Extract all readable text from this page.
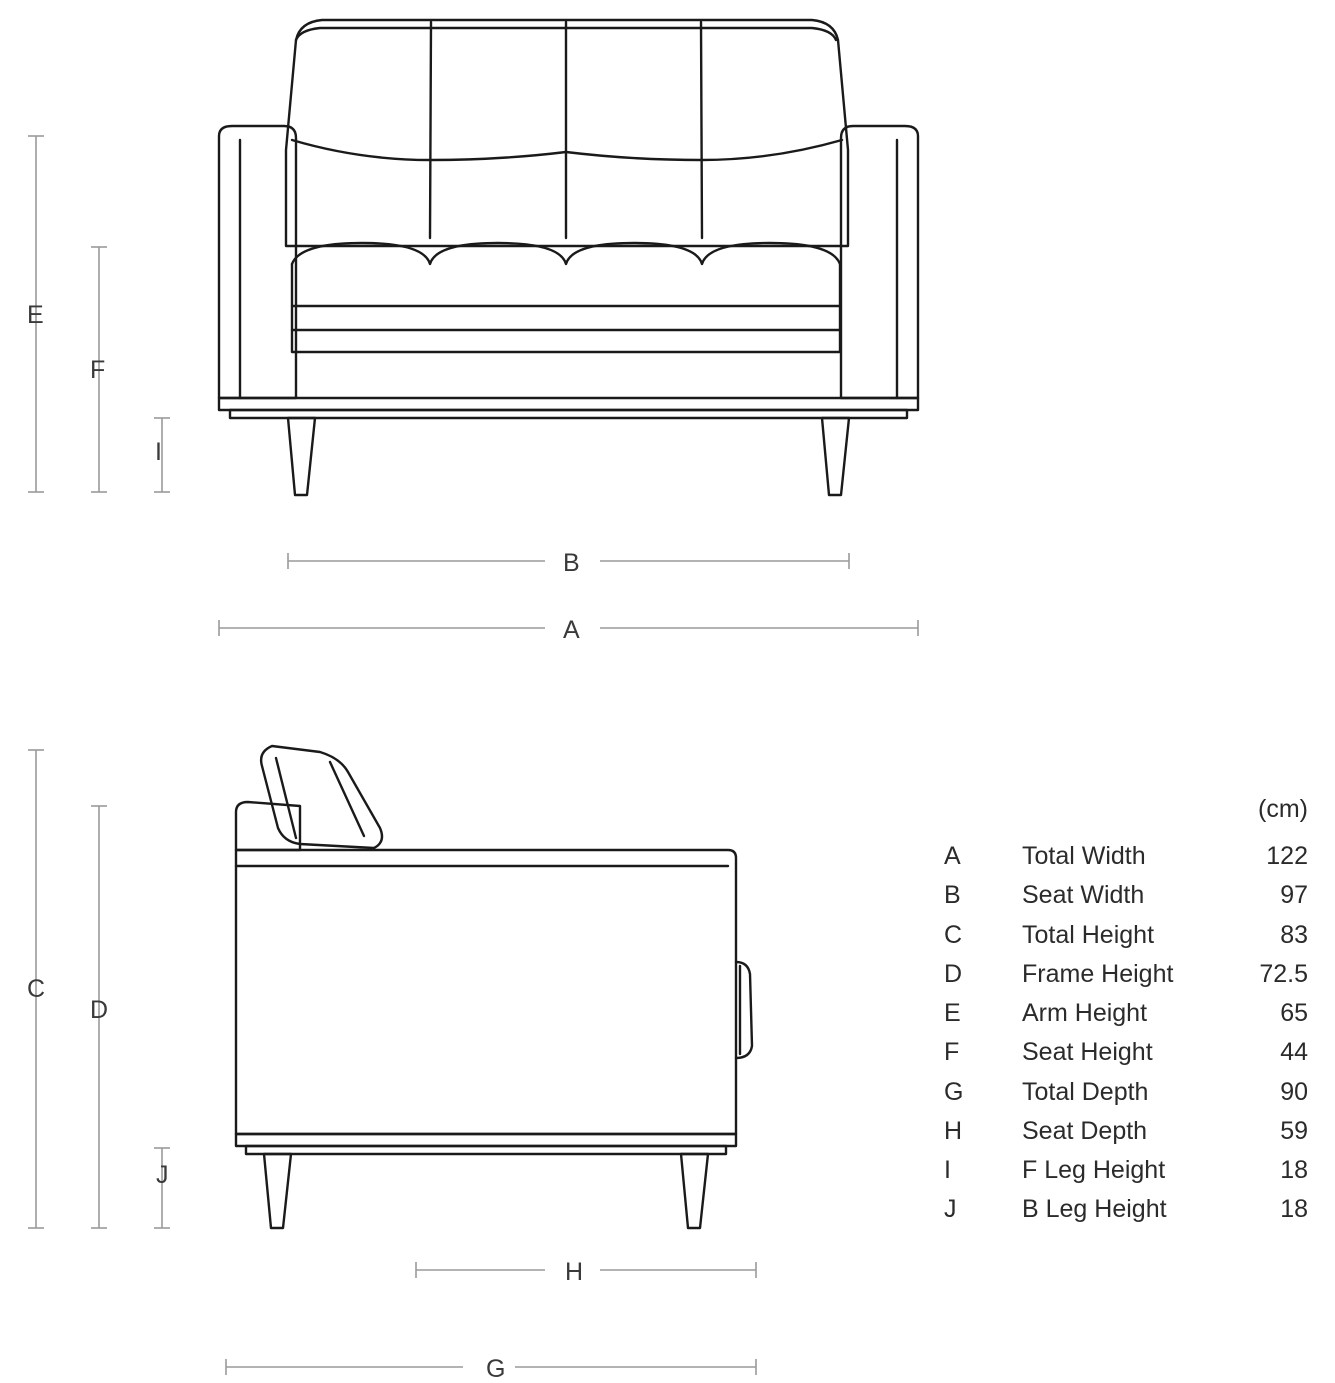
E
F
I
B
A
C
D
J
H
G
(cm)
A	Total Width	122
B	Seat Width	97
C	Total Height	83
D	Frame Height	72.5
E	Arm Height	65
F	Seat Height	44
G	Total Depth	90
H	Seat Depth	59
I	F Leg Height	18
J	B Leg Height	18
